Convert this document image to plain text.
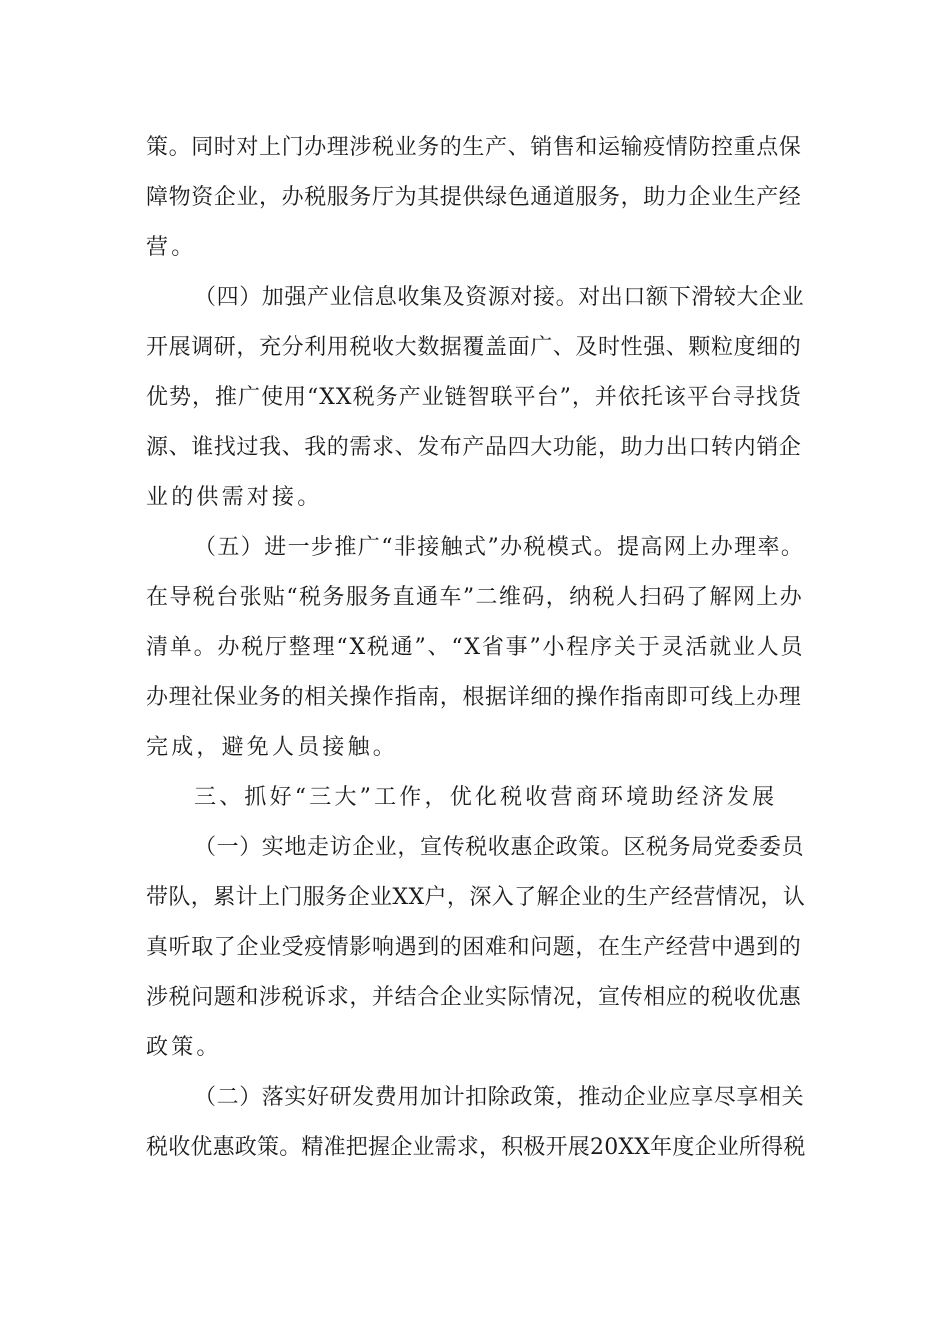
策。同时对上门办理涉税业务的生产、销售和运输疫情防控重点保
障物资企业，办税服务厅为其提供绿色通道服务，助力企业生产经
营。
（四）加强产业信息收集及资源对接。对出口额下滑较大企业
开展调研，充分利用税收大数据覆盖面广、及时性强、颗粒度细的
优势，推广使用“XX税务产业链智联平台”，并依托该平台寻找货
源、谁找过我、我的需求、发布产品四大功能，助力出口转内销企
业的供需对接。
（五）进一步推广“非接触式”办税模式。提高网上办理率。
在导税台张贴“税务服务直通车”二维码，纳税人扫码了解网上办
清单。办税厅整理“X税通”、“X省事”小程序关于灵活就业人员
办理社保业务的相关操作指南，根据详细的操作指南即可线上办理
完成，避免人员接触。
三、抓好“三大”工作，优化税收营商环境助经济发展
（一）实地走访企业，宣传税收惠企政策。区税务局党委委员
带队，累计上门服务企业XX户，深入了解企业的生产经营情况，认
真听取了企业受疫情影响遇到的困难和问题，在生产经营中遇到的
涉税问题和涉税诉求，并结合企业实际情况，宣传相应的税收优惠
政策。
（二）落实好研发费用加计扣除政策，推动企业应享尽享相关
税收优惠政策。精准把握企业需求，积极开展20XX年度企业所得税
